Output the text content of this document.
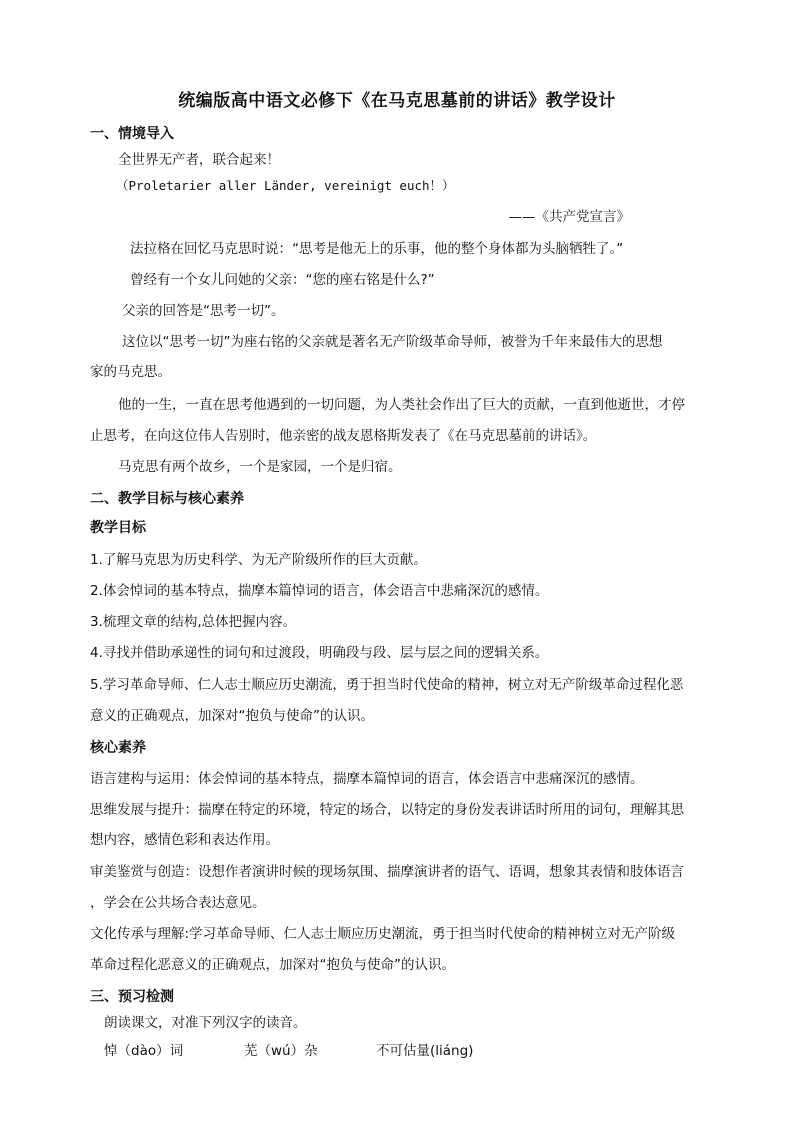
统编版高中语文必修下《在马克思墓前的讲话》教学设计
一、情境导入
全世界无产者，联合起来！
（Proletarier aller Länder, vereinigt euch！）
——《共产党宣言》
法拉格在回忆马克思时说：“思考是他无上的乐事，他的整个身体都为头脑牺牲了。”
曾经有一个女儿问她的父亲：“您的座右铭是什么?”
父亲的回答是“思考一切”。
这位以“思考一切”为座右铭的父亲就是著名无产阶级革命导师，被誉为千年来最伟大的思想
家的马克思。
他的一生，一直在思考他遇到的一切问题，为人类社会作出了巨大的贡献，一直到他逝世，才停
止思考，在向这位伟人告别时，他亲密的战友恩格斯发表了《在马克思墓前的讲话》。
马克思有两个故乡，一个是家园，一个是归宿。
二、教学目标与核心素养
教学目标
1.了解马克思为历史科学、为无产阶级所作的巨大贡献。
2.体会悼词的基本特点，揣摩本篇悼词的语言，体会语言中悲痛深沉的感情。
3.梳理文章的结构,总体把握内容。
4.寻找并借助承递性的词句和过渡段，明确段与段、层与层之间的逻辑关系。
5.学习革命导师、仁人志士顺应历史潮流，勇于担当时代使命的精神，树立对无产阶级革命过程化恶
意义的正确观点，加深对“抱负与使命”的认识。
核心素养
语言建构与运用：体会悼词的基本特点，揣摩本篇悼词的语言，体会语言中悲痛深沉的感情。
思维发展与提升：揣摩在特定的环境，特定的场合，以特定的身份发表讲话时所用的词句，理解其思
想内容，感情色彩和表达作用。
审美鉴赏与创造：设想作者演讲时候的现场氛围、揣摩演讲者的语气、语调，想象其表情和肢体语言
，学会在公共场合表达意见。
文化传承与理解:学习革命导师、仁人志士顺应历史潮流，勇于担当时代使命的精神树立对无产阶级
革命过程化恶意义的正确观点，加深对“抱负与使命”的认识。
三、预习检测
朗读课文，对准下列汉字的读音。
悼（dào）词	芜（wú）杂	不可估量(liáng)
